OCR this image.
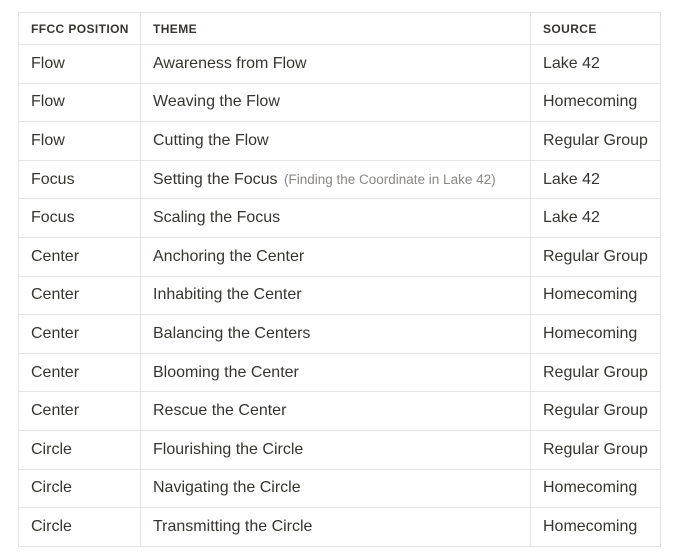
FFCC POSITION	THEME	SOURCE
Flow	Awareness from Flow	Lake 42
Flow	Weaving the Flow	Homecoming
Flow	Cutting the Flow	Regular Group
Focus	Setting the Focus (Finding the Coordinate in Lake 42)	Lake 42
Focus	Scaling the Focus	Lake 42
Center	Anchoring the Center	Regular Group
Center	Inhabiting the Center	Homecoming
Center	Balancing the Centers	Homecoming
Center	Blooming the Center	Regular Group
Center	Rescue the Center	Regular Group
Circle	Flourishing the Circle	Regular Group
Circle	Navigating the Circle	Homecoming
Circle	Transmitting the Circle	Homecoming
